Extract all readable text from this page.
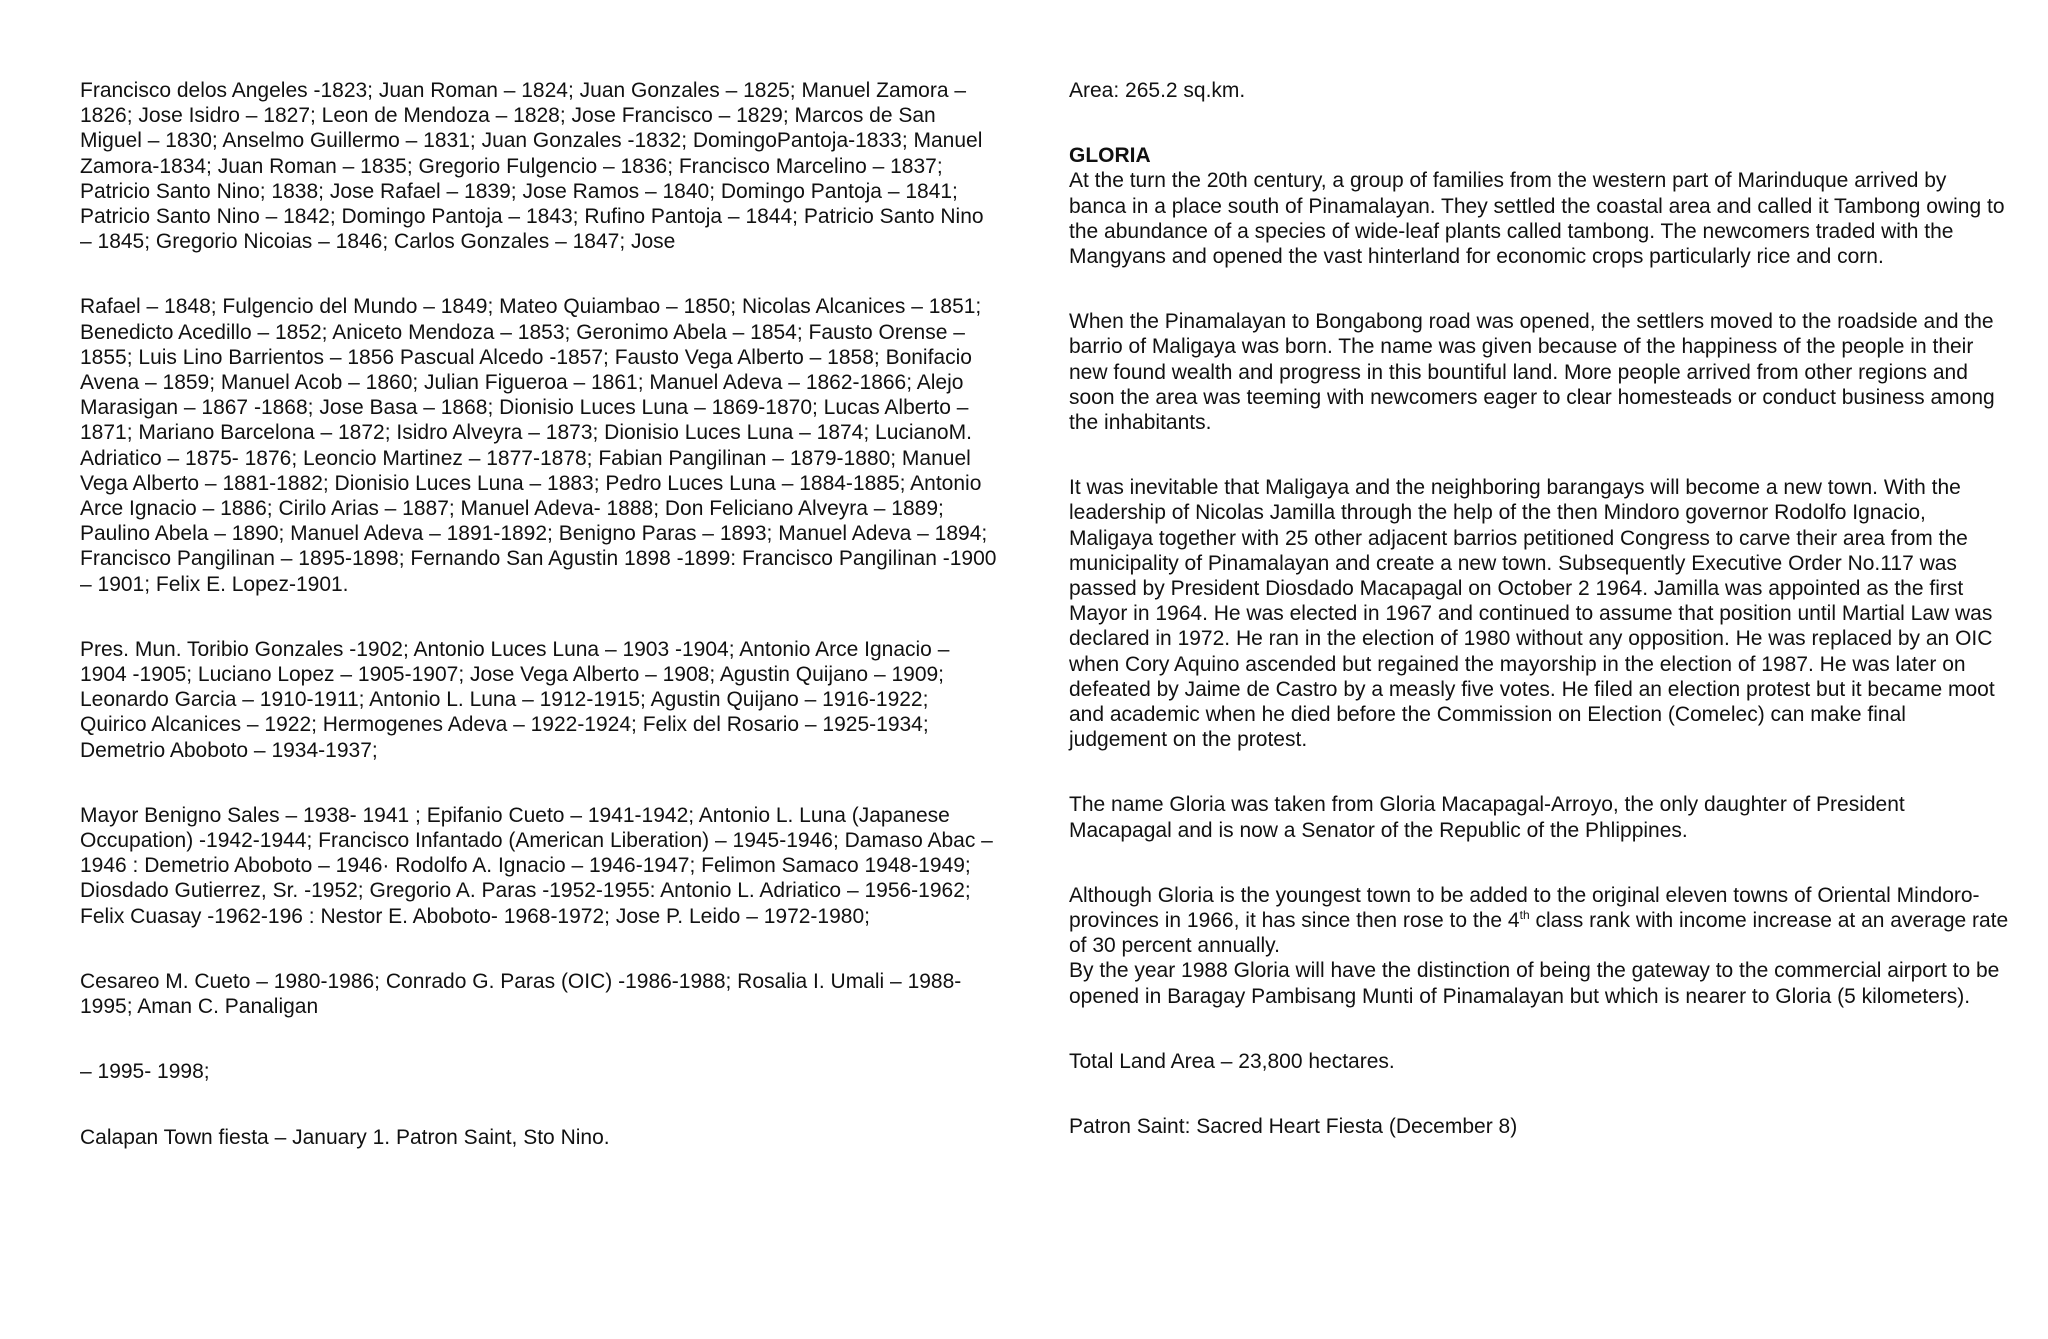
Francisco delos Angeles -1823; Juan Roman – 1824; Juan Gonzales – 1825; Manuel Zamora – 1826; Jose Isidro – 1827; Leon de Mendoza – 1828; Jose Francisco – 1829; Marcos de San Miguel – 1830; Anselmo Guillermo – 1831; Juan Gonzales -1832; DomingoPantoja-1833; Manuel Zamora-1834; Juan Roman – 1835; Gregorio Fulgencio – 1836; Francisco Marcelino – 1837; Patricio Santo Nino; 1838; Jose Rafael – 1839; Jose Ramos – 1840; Domingo Pantoja – 1841; Patricio Santo Nino – 1842; Domingo Pantoja – 1843; Rufino Pantoja – 1844; Patricio Santo Nino – 1845; Gregorio Nicoias – 1846; Carlos Gonzales – 1847; Jose

Rafael – 1848; Fulgencio del Mundo – 1849; Mateo Quiambao – 1850; Nicolas Alcanices – 1851; Benedicto Acedillo – 1852; Aniceto Mendoza – 1853; Geronimo Abela – 1854; Fausto Orense – 1855; Luis Lino Barrientos – 1856 Pascual Alcedo -1857; Fausto Vega Alberto – 1858; Bonifacio Avena – 1859; Manuel Acob – 1860; Julian Figueroa – 1861; Manuel Adeva – 1862-1866; Alejo Marasigan – 1867 -1868; Jose Basa – 1868; Dionisio Luces Luna – 1869-1870; Lucas Alberto – 1871; Mariano Barcelona – 1872; Isidro Alveyra – 1873; Dionisio Luces Luna – 1874; LucianoM. Adriatico – 1875- 1876; Leoncio Martinez – 1877-1878; Fabian Pangilinan – 1879-1880; Manuel Vega Alberto – 1881-1882; Dionisio Luces Luna – 1883; Pedro Luces Luna – 1884-1885; Antonio Arce Ignacio – 1886; Cirilo Arias – 1887; Manuel Adeva- 1888; Don Feliciano Alveyra – 1889; Paulino Abela – 1890; Manuel Adeva – 1891-1892; Benigno Paras – 1893; Manuel Adeva – 1894; Francisco Pangilinan – 1895-1898; Fernando San Agustin 1898 -1899: Francisco Pangilinan -1900 – 1901; Felix E. Lopez-1901.

Pres. Mun. Toribio Gonzales -1902; Antonio Luces Luna – 1903 -1904; Antonio Arce Ignacio – 1904 -1905; Luciano Lopez – 1905-1907; Jose Vega Alberto – 1908; Agustin Quijano – 1909; Leonardo Garcia – 1910-1911; Antonio L. Luna – 1912-1915; Agustin Quijano – 1916-1922; Quirico Alcanices – 1922; Hermogenes Adeva – 1922-1924; Felix del Rosario – 1925-1934; Demetrio Aboboto – 1934-1937;

Mayor Benigno Sales – 1938- 1941 ; Epifanio Cueto – 1941-1942; Antonio L. Luna (Japanese Occupation) -1942-1944; Francisco Infantado (American Liberation) – 1945-1946; Damaso Abac – 1946 : Demetrio Aboboto – 1946· Rodolfo A. Ignacio – 1946-1947; Felimon Samaco 1948-1949; Diosdado Gutierrez, Sr. -1952; Gregorio A. Paras -1952-1955: Antonio L. Adriatico – 1956-1962; Felix Cuasay -1962-196 : Nestor E. Aboboto- 1968-1972; Jose P. Leido – 1972-1980;

Cesareo M. Cueto – 1980-1986; Conrado G. Paras (OIC) -1986-1988; Rosalia I. Umali – 1988-1995; Aman C. Panaligan

– 1995- 1998;

Calapan Town fiesta – January 1. Patron Saint, Sto Nino.

Area: 265.2 sq.km.

GLORIA

At the turn the 20th century, a group of families from the western part of Marinduque arrived by banca in a place south of Pinamalayan. They settled the coastal area and called it Tambong owing to the abundance of a species of wide-leaf plants called tambong. The newcomers traded with the Mangyans and opened the vast hinterland for economic crops particularly rice and corn.

When the Pinamalayan to Bongabong road was opened, the settlers moved to the roadside and the barrio of Maligaya was born. The name was given because of the happiness of the people in their new found wealth and progress in this bountiful land. More people arrived from other regions and soon the area was teeming with newcomers eager to clear homesteads or conduct business among the inhabitants.

It was inevitable that Maligaya and the neighboring barangays will become a new town. With the leadership of Nicolas Jamilla through the help of the then Mindoro governor Rodolfo Ignacio, Maligaya together with 25 other adjacent barrios petitioned Congress to carve their area from the municipality of Pinamalayan and create a new town. Subsequently Executive Order No.117 was passed by President Diosdado Macapagal on October 2 1964. Jamilla was appointed as the first Mayor in 1964. He was elected in 1967 and continued to assume that position until Martial Law was declared in 1972. He ran in the election of 1980 without any opposition. He was replaced by an OIC when Cory Aquino ascended but regained the mayorship in the election of 1987. He was later on defeated by Jaime de Castro by a measly five votes. He filed an election protest but it became moot and academic when he died before the Commission on Election (Comelec) can make final judgement on the protest.

The name Gloria was taken from Gloria Macapagal-Arroyo, the only daughter of President Macapagal and is now a Senator of the Republic of the Phlippines.

Although Gloria is the youngest town to be added to the original eleven towns of Oriental Mindoro-provinces in 1966, it has since then rose to the 4th class rank with income increase at an average rate of 30 percent annually.

By the year 1988 Gloria will have the distinction of being the gateway to the commercial airport to be opened in Baragay Pambisang Munti of Pinamalayan but which is nearer to Gloria (5 kilometers).

Total Land Area – 23,800 hectares.

Patron Saint: Sacred Heart Fiesta (December 8)
